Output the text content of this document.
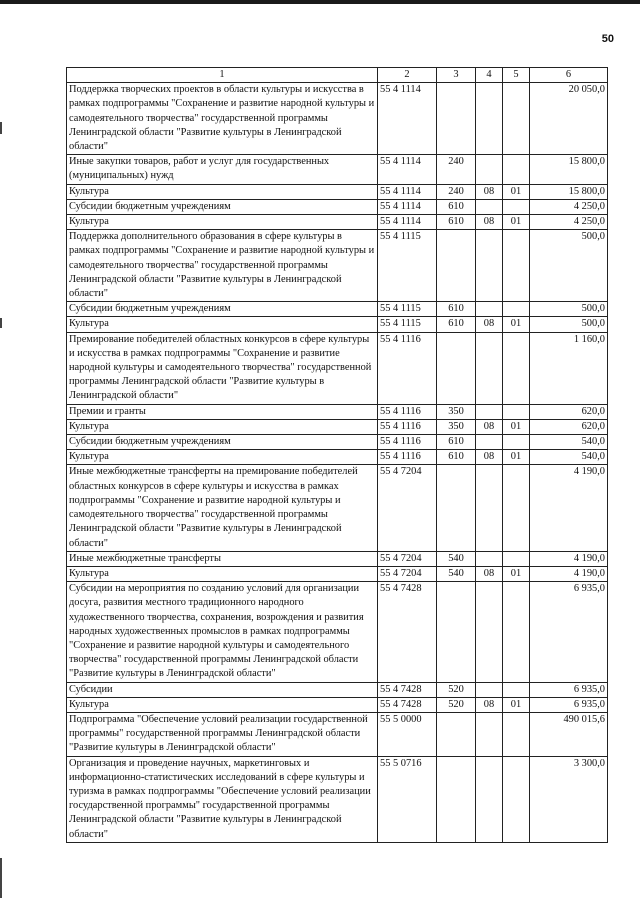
50
1	2	3	4	5	6
Поддержка творческих проектов в области культуры и искусства в рамках подпрограммы "Сохранение и развитие народной культуры и самодеятельного творчества" государственной программы Ленинградской области "Развитие культуры в Ленинградской области"	55 4 1114				20 050,0
Иные закупки товаров, работ и услуг для государственных (муниципальных) нужд	55 4 1114	240			15 800,0
Культура	55 4 1114	240	08	01	15 800,0
Субсидии бюджетным учреждениям	55 4 1114	610			4 250,0
Культура	55 4 1114	610	08	01	4 250,0
Поддержка дополнительного образования в сфере культуры в рамках подпрограммы "Сохранение и развитие народной культуры и самодеятельного творчества" государственной программы Ленинградской области "Развитие культуры в Ленинградской области"	55 4 1115				500,0
Субсидии бюджетным учреждениям	55 4 1115	610			500,0
Культура	55 4 1115	610	08	01	500,0
Премирование победителей областных конкурсов в сфере культуры и искусства в рамках подпрограммы "Сохранение и развитие народной культуры и самодеятельного творчества" государственной программы Ленинградской области "Развитие культуры в Ленинградской области"	55 4 1116				1 160,0
Премии и гранты	55 4 1116	350			620,0
Культура	55 4 1116	350	08	01	620,0
Субсидии бюджетным учреждениям	55 4 1116	610			540,0
Культура	55 4 1116	610	08	01	540,0
Иные межбюджетные трансферты на премирование победителей областных конкурсов в сфере культуры и искусства в рамках подпрограммы "Сохранение и развитие народной культуры и самодеятельного творчества" государственной программы Ленинградской области "Развитие культуры в Ленинградской области"	55 4 7204				4 190,0
Иные межбюджетные трансферты	55 4 7204	540			4 190,0
Культура	55 4 7204	540	08	01	4 190,0
Субсидии на мероприятия по созданию условий для организации досуга, развития местного традиционного народного художественного творчества, сохранения, возрождения и развития народных художественных промыслов в рамках подпрограммы "Сохранение и развитие народной культуры и самодеятельного творчества" государственной программы Ленинградской области "Развитие культуры в Ленинградской области"	55 4 7428				6 935,0
Субсидии	55 4 7428	520			6 935,0
Культура	55 4 7428	520	08	01	6 935,0
Подпрограмма "Обеспечение условий реализации государственной программы" государственной программы Ленинградской области "Развитие культуры в Ленинградской области"	55 5 0000				490 015,6
Организация и проведение научных, маркетинговых и информационно-статистических исследований в сфере культуры и туризма в рамках подпрограммы "Обеспечение условий реализации государственной программы" государственной программы Ленинградской области "Развитие культуры в Ленинградской области"	55 5 0716				3 300,0
